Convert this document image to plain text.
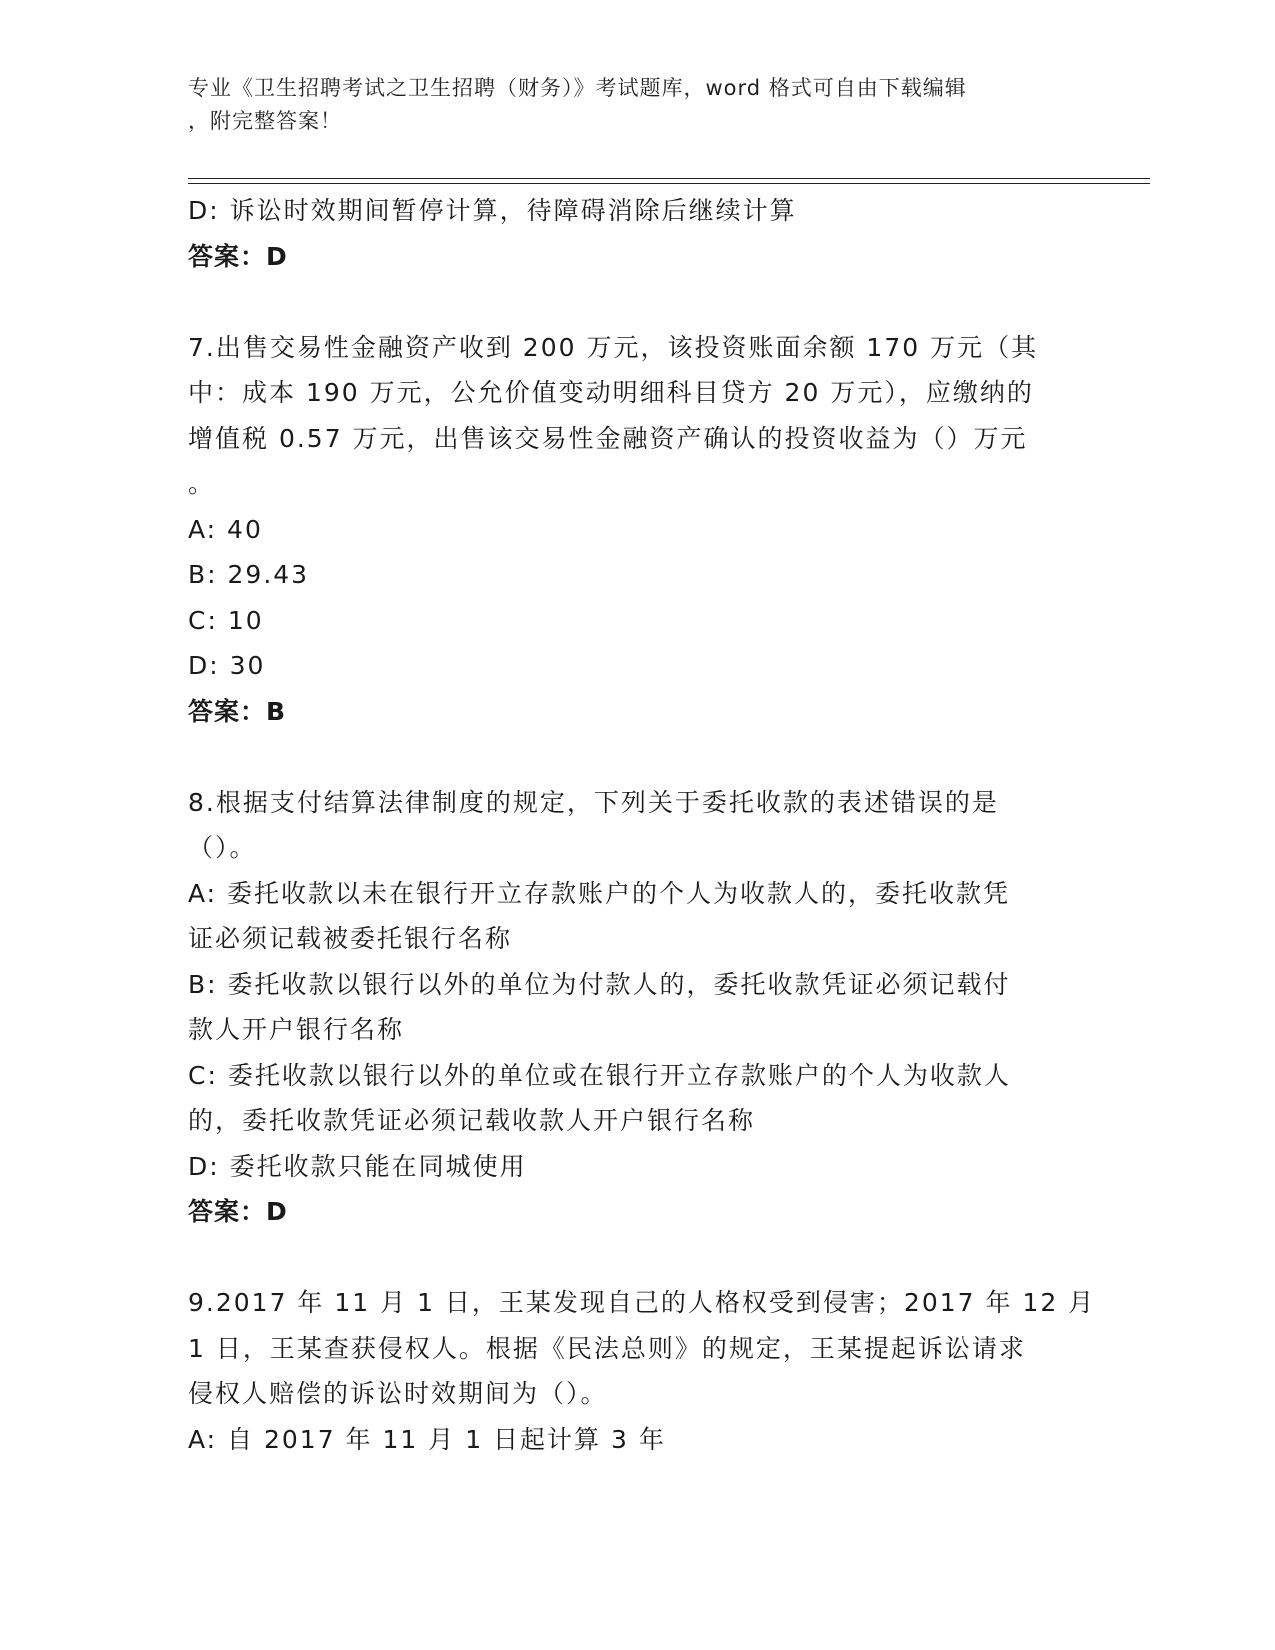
专业《卫生招聘考试之卫生招聘（财务）》考试题库，word 格式可自由下载编辑
，附完整答案！
D: 诉讼时效期间暂停计算，待障碍消除后继续计算
答案：D
7.出售交易性金融资产收到 200 万元，该投资账面余额 170 万元（其
中：成本 190 万元，公允价值变动明细科目贷方 20 万元），应缴纳的
增值税 0.57 万元，出售该交易性金融资产确认的投资收益为（）万元
。
A: 40
B: 29.43
C: 10
D: 30
答案：B
8.根据支付结算法律制度的规定，下列关于委托收款的表述错误的是
（）。
A: 委托收款以未在银行开立存款账户的个人为收款人的，委托收款凭
证必须记载被委托银行名称
B: 委托收款以银行以外的单位为付款人的，委托收款凭证必须记载付
款人开户银行名称
C: 委托收款以银行以外的单位或在银行开立存款账户的个人为收款人
的，委托收款凭证必须记载收款人开户银行名称
D: 委托收款只能在同城使用
答案：D
9.2017 年 11 月 1 日，王某发现自己的人格权受到侵害；2017 年 12 月
1 日，王某查获侵权人。根据《民法总则》的规定，王某提起诉讼请求
侵权人赔偿的诉讼时效期间为（）。
A: 自 2017 年 11 月 1 日起计算 3 年
